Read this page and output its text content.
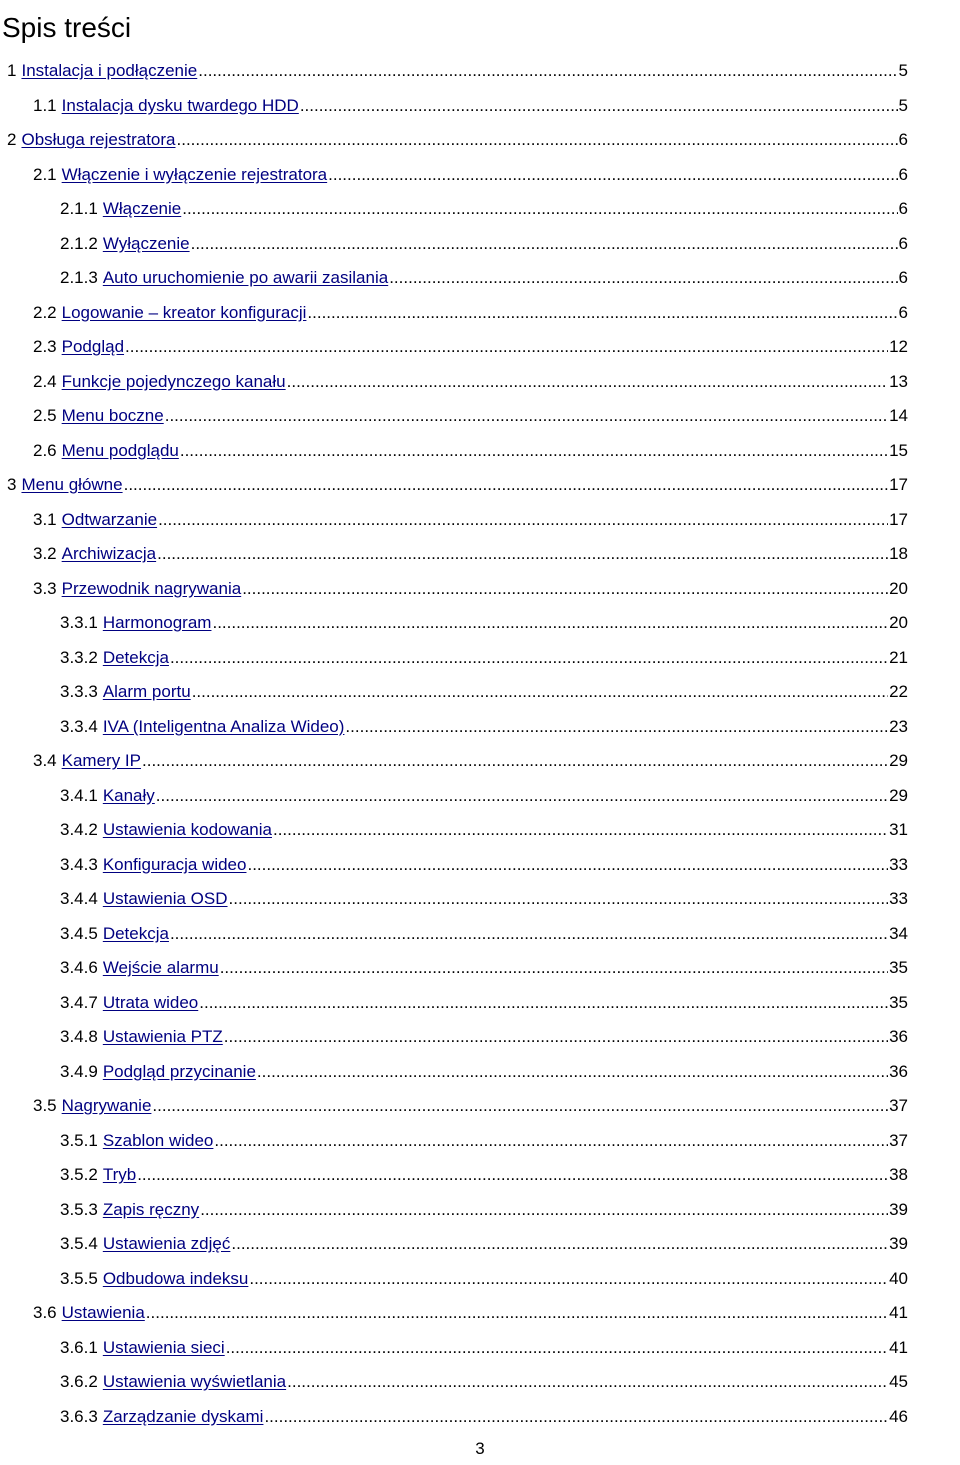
Spis treści
1 Instalacja i podłączenie .....	5
1.1 Instalacja dysku twardego HDD .....	5
2 Obsługa rejestratora .....	6
2.1 Włączenie i wyłączenie rejestratora .....	6
2.1.1 Włączenie .....	6
2.1.2 Wyłączenie .....	6
2.1.3 Auto uruchomienie po awarii zasilania .....	6
2.2 Logowanie – kreator konfiguracji .....	6
2.3 Podgląd .....	12
2.4 Funkcje pojedynczego kanału .....	13
2.5 Menu boczne .....	14
2.6 Menu podglądu .....	15
3 Menu główne .....	17
3.1 Odtwarzanie .....	17
3.2 Archiwizacja .....	18
3.3 Przewodnik nagrywania .....	20
3.3.1 Harmonogram .....	20
3.3.2 Detekcja .....	21
3.3.3 Alarm portu .....	22
3.3.4 IVA (Inteligentna Analiza Wideo) .....	23
3.4 Kamery IP .....	29
3.4.1 Kanały .....	29
3.4.2 Ustawienia kodowania .....	31
3.4.3 Konfiguracja wideo .....	33
3.4.4 Ustawienia OSD .....	33
3.4.5 Detekcja .....	34
3.4.6 Wejście alarmu .....	35
3.4.7 Utrata wideo .....	35
3.4.8 Ustawienia PTZ .....	36
3.4.9 Podgląd przycinanie .....	36
3.5 Nagrywanie .....	37
3.5.1 Szablon wideo .....	37
3.5.2 Tryb .....	38
3.5.3 Zapis ręczny .....	39
3.5.4 Ustawienia zdjęć .....	39
3.5.5 Odbudowa indeksu .....	40
3.6 Ustawienia .....	41
3.6.1 Ustawienia sieci .....	41
3.6.2 Ustawienia wyświetlania .....	45
3.6.3 Zarządzanie dyskami .....	46
3
